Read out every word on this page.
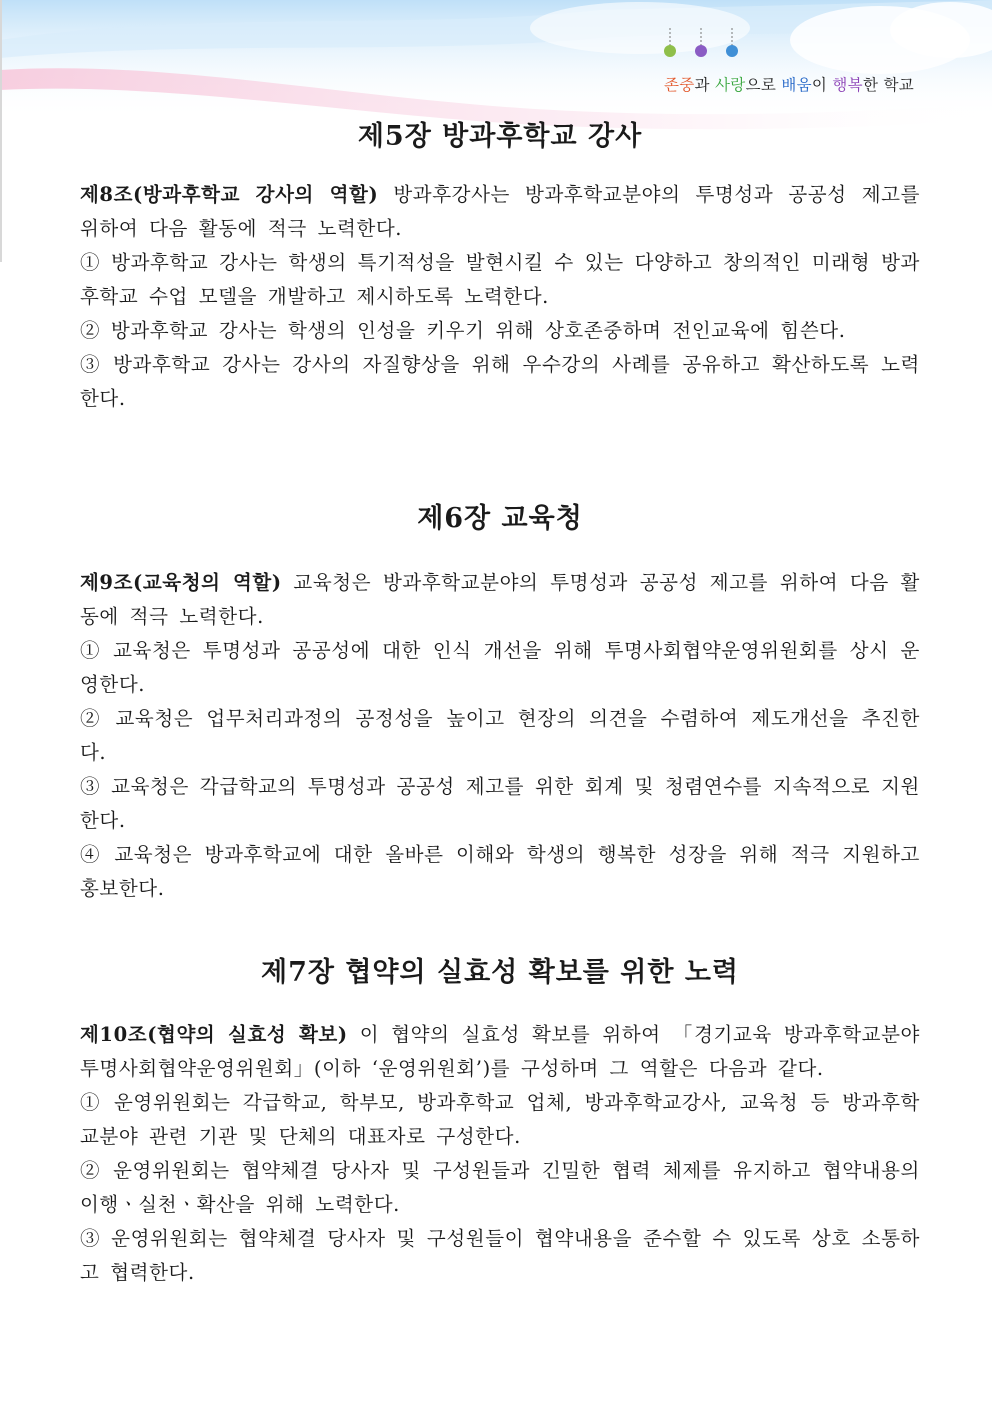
존중과 사랑으로 배움이 행복한 학교
제5장 방과후학교 강사

제8조(방과후학교 강사의 역할) 방과후강사는 방과후학교분야의 투명성과 공공성 제고를 위하여 다음 활동에 적극 노력한다.

① 방과후학교 강사는 학생의 특기적성을 발현시킬 수 있는 다양하고 창의적인 미래형 방과후학교 수업 모델을 개발하고 제시하도록 노력한다.

② 방과후학교 강사는 학생의 인성을 키우기 위해 상호존중하며 전인교육에 힘쓴다.

③ 방과후학교 강사는 강사의 자질향상을 위해 우수강의 사례를 공유하고 확산하도록 노력한다.

제6장 교육청

제9조(교육청의 역할) 교육청은 방과후학교분야의 투명성과 공공성 제고를 위하여 다음 활동에 적극 노력한다.

① 교육청은 투명성과 공공성에 대한 인식 개선을 위해 투명사회협약운영위원회를 상시 운영한다.

② 교육청은 업무처리과정의 공정성을 높이고 현장의 의견을 수렴하여 제도개선을 추진한다.

③ 교육청은 각급학교의 투명성과 공공성 제고를 위한 회계 및 청렴연수를 지속적으로 지원한다.

④ 교육청은 방과후학교에 대한 올바른 이해와 학생의 행복한 성장을 위해 적극 지원하고 홍보한다.

제7장 협약의 실효성 확보를 위한 노력

제10조(협약의 실효성 확보) 이 협약의 실효성 확보를 위하여 「경기교육 방과후학교분야 투명사회협약운영위원회」(이하 ‘운영위원회’)를 구성하며 그 역할은 다음과 같다.

① 운영위원회는 각급학교, 학부모, 방과후학교 업체, 방과후학교강사, 교육청 등 방과후학교분야 관련 기관 및 단체의 대표자로 구성한다.

② 운영위원회는 협약체결 당사자 및 구성원들과 긴밀한 협력 체제를 유지하고 협약내용의 이행ㆍ실천ㆍ확산을 위해 노력한다.

③ 운영위원회는 협약체결 당사자 및 구성원들이 협약내용을 준수할 수 있도록 상호 소통하고 협력한다.
